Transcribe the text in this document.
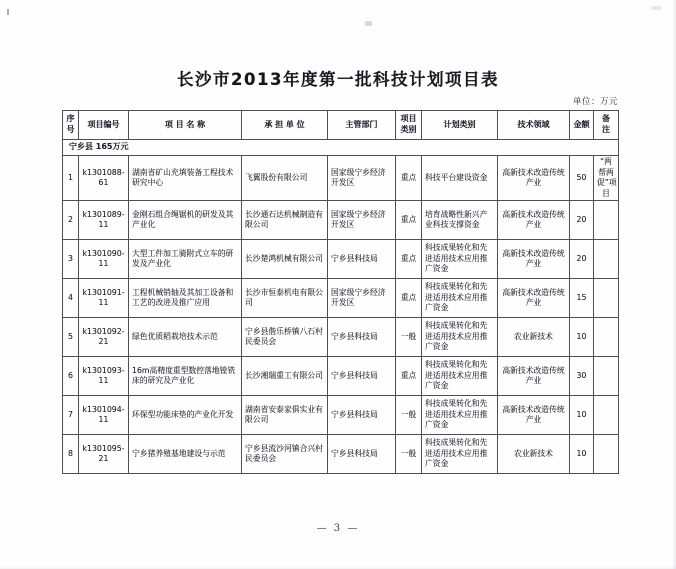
长沙市2013年度第一批科技计划项目表
单位：万元
序号	项目编号	项 目 名 称	承 担 单 位	主管部门	项目类别	计划类别	技术领域	金额	备 注
宁乡县 165万元									
1	k1301088-61	湖南省矿山充填装备工程技术研究中心	飞翼股份有限公司	国家级宁乡经济开发区	重点	科技平台建设资金	高新技术改造传统产业	50	“两帮两促”项目
2	k1301089-11	金刚石组合绳锯机的研发及其产业化	长沙通石达机械制造有限公司	国家级宁乡经济开发区	重点	培育战略性新兴产业科技支撑资金	高新技术改造传统产业	20	
3	k1301090-11	大型工件加工骑附式立车的研发及产业化	长沙楚鸿机械有限公司	宁乡县科技局	重点	科技成果转化和先进适用技术应用推广资金	高新技术改造传统产业	20	
4	k1301091-11	工程机械销轴及其加工设备和工艺的改进及推广应用	长沙市恒泰机电有限公司	国家级宁乡经济开发区	重点	科技成果转化和先进适用技术应用推广资金	高新技术改造传统产业	15	
5	k1301092-21	绿色优质稻栽培技术示范	宁乡县偕乐桥镇八石村民委员会	宁乡县科技局	一般	科技成果转化和先进适用技术应用推广资金	农业新技术	10	
6	k1301093-11	16m高精度重型数控落地镗铣床的研究及产业化	长沙湘瑞重工有限公司	宁乡县科技局	重点	科技成果转化和先进适用技术应用推广资金	高新技术改造传统产业	30	
7	k1301094-11	环保型功能床垫的产业化开发	湖南省安泰家俱实业有限公司	宁乡县科技局	一般	科技成果转化和先进适用技术应用推广资金	高新技术改造传统产业	10	
8	k1301095-21	宁乡猪养殖基地建设与示范	宁乡县流沙河镇合兴村民委员会	宁乡县科技局	一般	科技成果转化和先进适用技术应用推广资金	农业新技术	10	
— 3 —
